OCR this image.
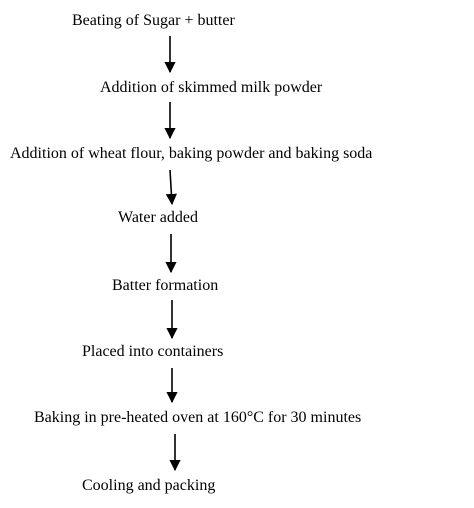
Beating of Sugar + butter

Addition of skimmed milk powder

Addition of wheat flour, baking powder and baking soda

Water added

Batter formation

Placed into containers

Baking in pre-heated oven at 160°C for 30 minutes

Cooling and packing
